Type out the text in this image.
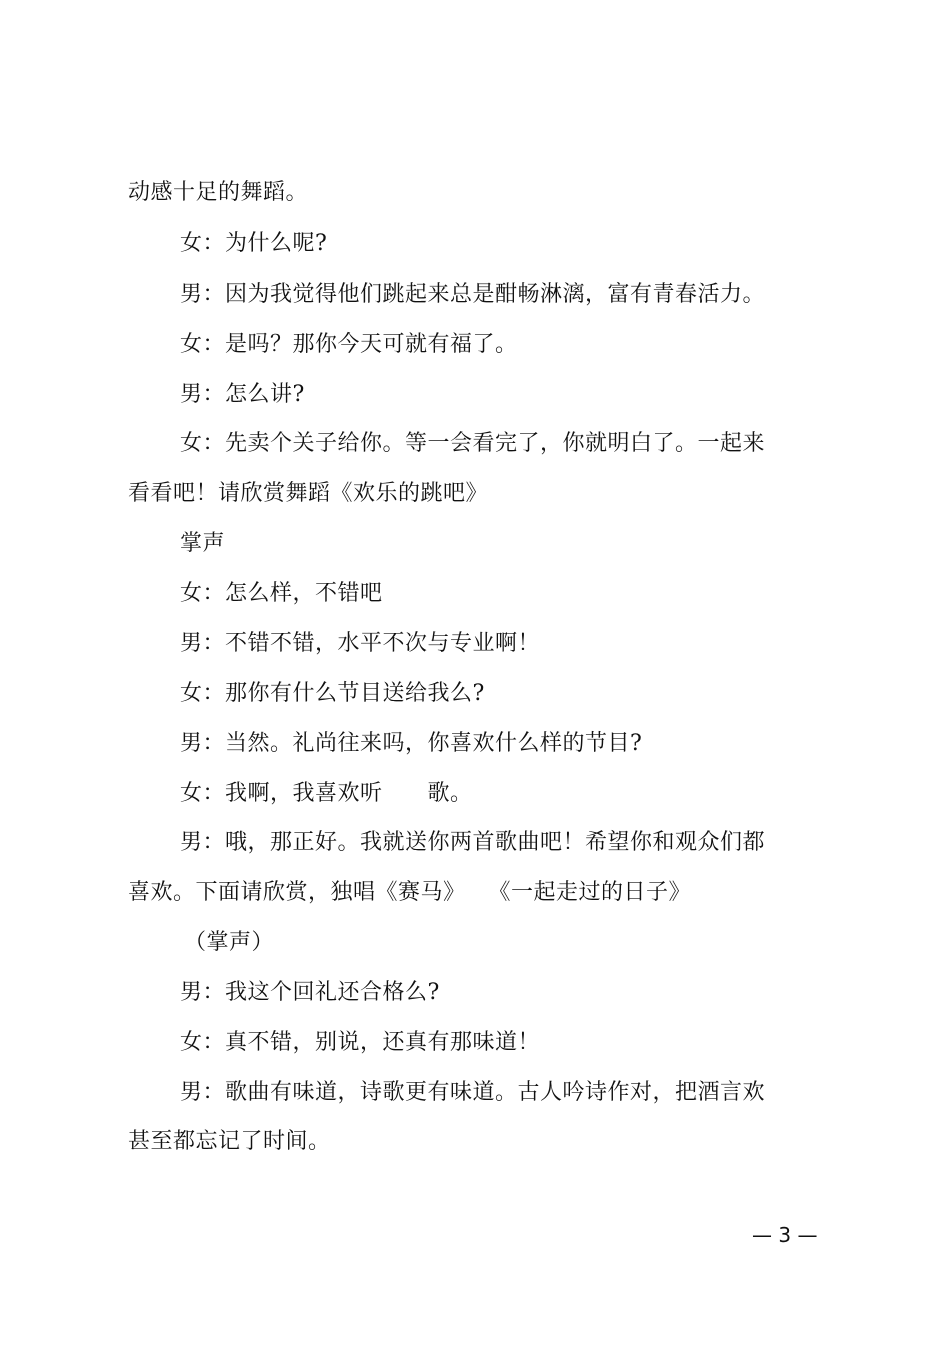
动感十足的舞蹈。
女：为什么呢?
男：因为我觉得他们跳起来总是酣畅淋漓，富有青春活力。
女：是吗？那你今天可就有福了。
男：怎么讲?
女：先卖个关子给你。等一会看完了，你就明白了。一起来
看看吧！请欣赏舞蹈《欢乐的跳吧》
掌声
女：怎么样，不错吧
男：不错不错，水平不次与专业啊！
女：那你有什么节目送给我么?
男：当然。礼尚往来吗，你喜欢什么样的节目?
女：我啊，我喜欢听　　歌。
男：哦，那正好。我就送你两首歌曲吧！希望你和观众们都
喜欢。下面请欣赏，独唱《赛马》　　《一起走过的日子》
（掌声）
男：我这个回礼还合格么?
女：真不错，别说，还真有那味道！
男：歌曲有味道，诗歌更有味道。古人吟诗作对，把酒言欢
甚至都忘记了时间。
— 3 —
